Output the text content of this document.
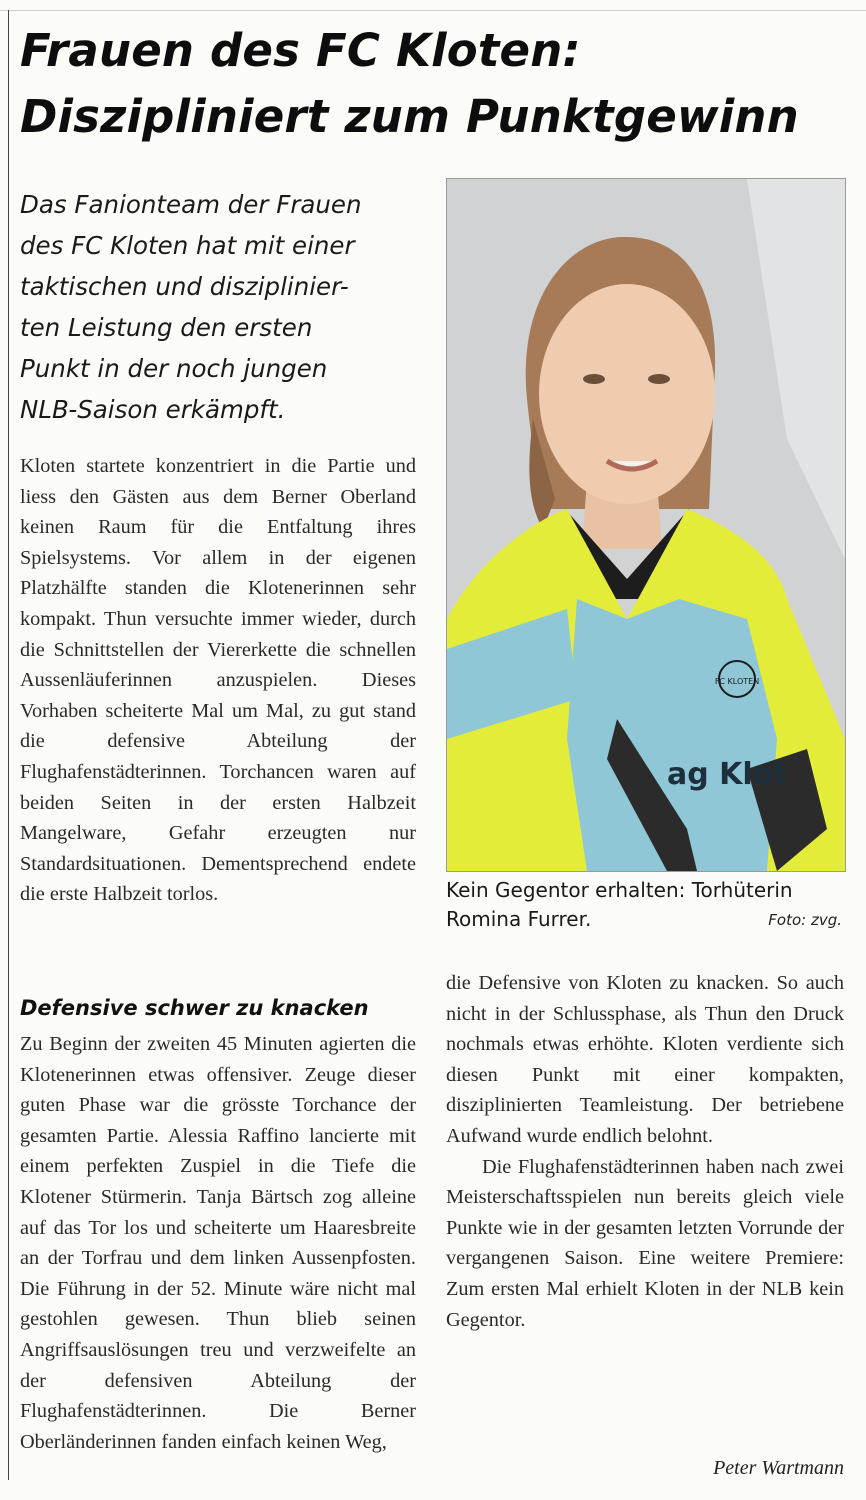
Frauen des FC Kloten:
Diszipliniert zum Punktgewinn
Das Fanionteam der Frauen
des FC Kloten hat mit einer
taktischen und disziplinier-
ten Leistung den ersten
Punkt in der noch jungen
NLB-Saison erkämpft.
Kloten startete konzentriert in die Partie und liess den Gästen aus dem Berner Oberland keinen Raum für die Entfaltung ihres Spielsystems. Vor allem in der eigenen Platzhälfte standen die Klotenerinnen sehr kompakt. Thun versuchte immer wieder, durch die Schnittstellen der Viererkette die schnellen Aussenläuferinnen anzuspielen. Dieses Vorhaben scheiterte Mal um Mal, zu gut stand die defensive Abteilung der Flughafenstädterinnen. Torchancen waren auf beiden Seiten in der ersten Halbzeit Mangelware, Gefahr erzeugten nur Standardsituationen. Dementsprechend endete die erste Halbzeit torlos.
Defensive schwer zu knacken
Zu Beginn der zweiten 45 Minuten agierten die Klotenerinnen etwas offensiver. Zeuge dieser guten Phase war die grösste Torchance der gesamten Partie. Alessia Raffino lancierte mit einem perfekten Zuspiel in die Tiefe die Klotener Stürmerin. Tanja Bärtsch zog alleine auf das Tor los und scheiterte um Haaresbreite an der Torfrau und dem linken Aussenpfosten. Die Führung in der 52. Minute wäre nicht mal gestohlen gewesen. Thun blieb seinen Angriffsauslösungen treu und verzweifelte an der defensiven Abteilung der Flughafenstädterinnen. Die Berner Oberländerinnen fanden einfach keinen Weg,
FC KLOTEN
ag Klot
Kein Gegentor erhalten: Torhüterin
Romina Furrer.	Foto: zvg.
die Defensive von Kloten zu knacken. So auch nicht in der Schlussphase, als Thun den Druck nochmals etwas erhöhte. Kloten verdiente sich diesen Punkt mit einer kompakten, disziplinierten Teamleistung. Der betriebene Aufwand wurde endlich belohnt.
Die Flughafenstädterinnen haben nach zwei Meisterschaftsspielen nun bereits gleich viele Punkte wie in der gesamten letzten Vorrunde der vergangenen Saison. Eine weitere Premiere: Zum ersten Mal erhielt Kloten in der NLB kein Gegentor.
Peter Wartmann
